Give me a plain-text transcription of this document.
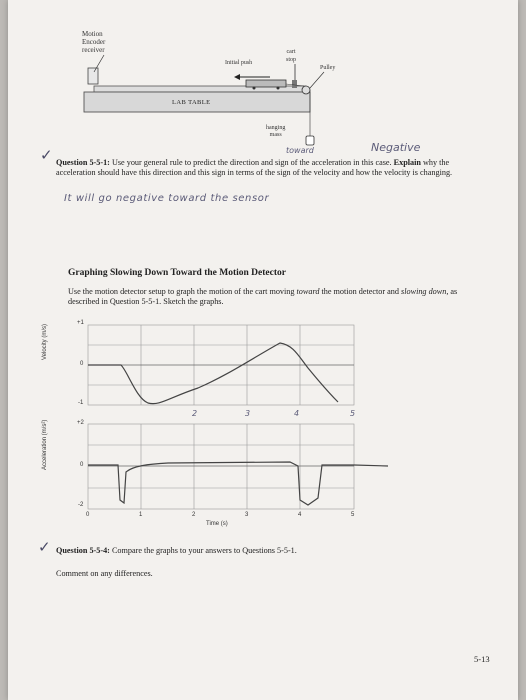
Motion
Encoder
receiver
Initial push
cart
stop
Pulley
LAB TABLE
hanging
mass
✓	toward	Negative
Question 5-5-1: Use your general rule to predict the direction and sign of the acceleration in this case. Explain why the acceleration should have this direction and this sign in terms of the sign of the velocity and how the velocity is changing.
It will go negative toward the sensor
Graphing Slowing Down Toward the Motion Detector
Use the motion detector setup to graph the motion of the cart moving toward the motion detector and slowing down, as described in Question 5-5-1. Sketch the graphs.
Velocity (m/s)
+1
0
-1
2	3	4	5
Acceleration (m/s²)	+2
0
-2
0	1	2	3	4	5
Time (s)
✓ Question 5-5-4: Compare the graphs to your answers to Questions 5-5-1.
Comment on any differences.
5-13
